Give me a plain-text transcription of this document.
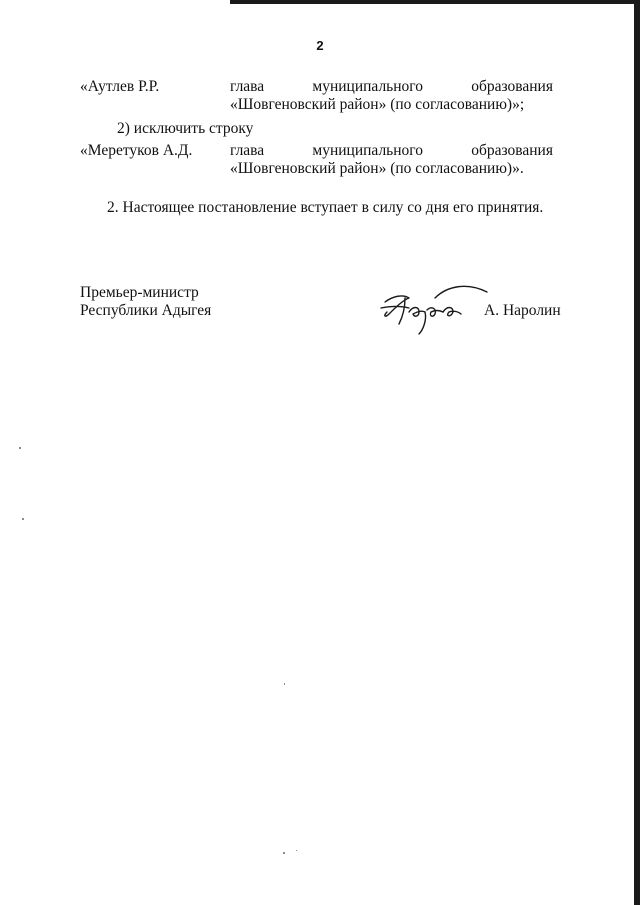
2
«Аутлев Р.Р.	глава	муниципального	образования
«Шовгеновский район» (по согласованию)»;
2) исключить строку
«Меретуков А.Д. глава	муниципального	образования
«Шовгеновский район» (по согласованию)».
2. Настоящее постановление вступает в силу со дня его принятия.
Премьер-министр
Республики Адыгея	А. Наролин
